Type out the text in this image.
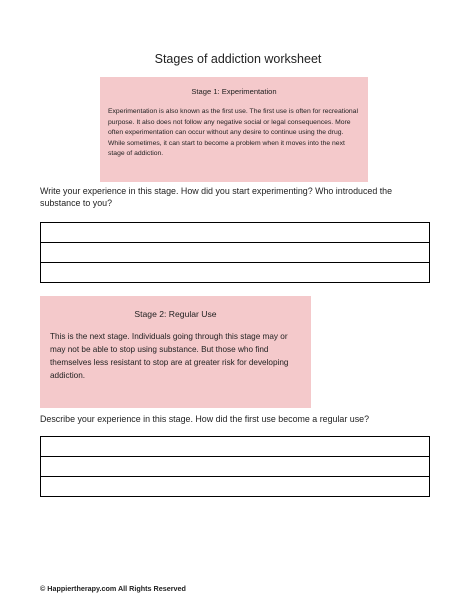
Stages of addiction worksheet
Stage 1: Experimentation
Experimentation is also known as the first use. The first use is often for recreational purpose. It also does not follow any negative social or legal consequences. More often experimentation can occur without any desire to continue using the drug. While sometimes, it can start to become a problem when it moves into the next stage of addiction.
Write your experience in this stage. How did you start experimenting? Who introduced the substance to you?

Stage 2: Regular Use
This is the next stage. Individuals going through this stage may or may not be able to stop using substance. But those who find themselves less resistant to stop are at greater risk for developing addiction.
Describe your experience in this stage. How did the first use become a regular use?

© Happiertherapy.com All Rights Reserved
